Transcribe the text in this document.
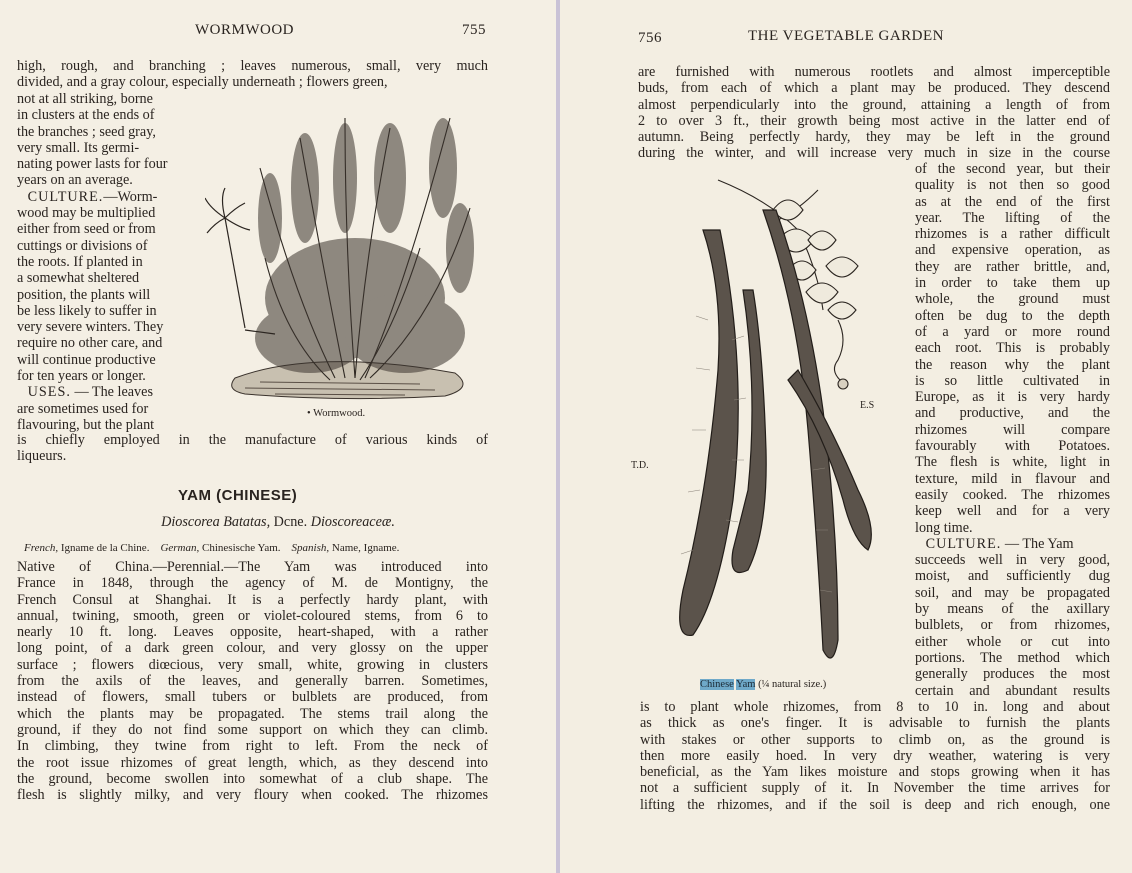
WORMWOOD	755
high, rough, and branching ; leaves numerous, small, very much
divided, and a gray colour, especially underneath ; flowers green,
not at all striking, borne
in clusters at the ends of
the branches ; seed gray,
very small. Its germi-
nating power lasts for four
years on an average.
CULTURE.—Worm-
wood may be multiplied
either from seed or from
cuttings or divisions of
the roots. If planted in
a somewhat sheltered
position, the plants will
be less likely to suffer in
very severe winters. They
require no other care, and
will continue productive
for ten years or longer.
USES. — The leaves
are sometimes used for
flavouring, but the plant
• Wormwood.
is chiefly employed in the manufacture of various kinds of
liqueurs.
YAM (CHINESE)
Dioscorea Batatas, Dcne. Dioscoreaceæ.
French, Igname de la Chine. German, Chinesische Yam. Spanish, Name, Igname.
Native of China.—Perennial.—The Yam was introduced into
France in 1848, through the agency of M. de Montigny, the
French Consul at Shanghai. It is a perfectly hardy plant, with
annual, twining, smooth, green or violet-coloured stems, from 6 to
nearly 10 ft. long. Leaves opposite, heart-shaped, with a rather
long point, of a dark green colour, and very glossy on the upper
surface ; flowers diœcious, very small, white, growing in clusters
from the axils of the leaves, and generally barren. Sometimes,
instead of flowers, small tubers or bulblets are produced, from
which the plants may be propagated. The stems trail along the
ground, if they do not find some support on which they can climb.
In climbing, they twine from right to left. From the neck of
the root issue rhizomes of great length, which, as they descend into
the ground, become swollen into somewhat of a club shape. The
flesh is slightly milky, and very floury when cooked. The rhizomes
756	THE VEGETABLE GARDEN
are furnished with numerous rootlets and almost imperceptible
buds, from each of which a plant may be produced. They descend
almost perpendicularly into the ground, attaining a length of from
2 to over 3 ft., their growth being most active in the latter end of
autumn. Being perfectly hardy, they may be left in the ground
during the winter, and will increase very much in size in the course
T.D.
E.S
Chinese Yam (¼ natural size.)
of the second year, but their
quality is not then so good
as at the end of the first
year. The lifting of the
rhizomes is a rather difficult
and expensive operation, as
they are rather brittle, and,
in order to take them up
whole, the ground must
often be dug to the depth
of a yard or more round
each root. This is probably
the reason why the plant
is so little cultivated in
Europe, as it is very hardy
and productive, and the
rhizomes will compare
favourably with Potatoes.
The flesh is white, light in
texture, mild in flavour and
easily cooked. The rhizomes
keep well and for a very
long time.
CULTURE. — The Yam
succeeds well in very good,
moist, and sufficiently dug
soil, and may be propagated
by means of the axillary
bulblets, or from rhizomes,
either whole or cut into
portions. The method which
generally produces the most
certain and abundant results
is to plant whole rhizomes, from 8 to 10 in. long and about
as thick as one's finger. It is advisable to furnish the plants
with stakes or other supports to climb on, as the ground is
then more easily hoed. In very dry weather, watering is very
beneficial, as the Yam likes moisture and stops growing when it has
not a sufficient supply of it. In November the time arrives for
lifting the rhizomes, and if the soil is deep and rich enough, one
